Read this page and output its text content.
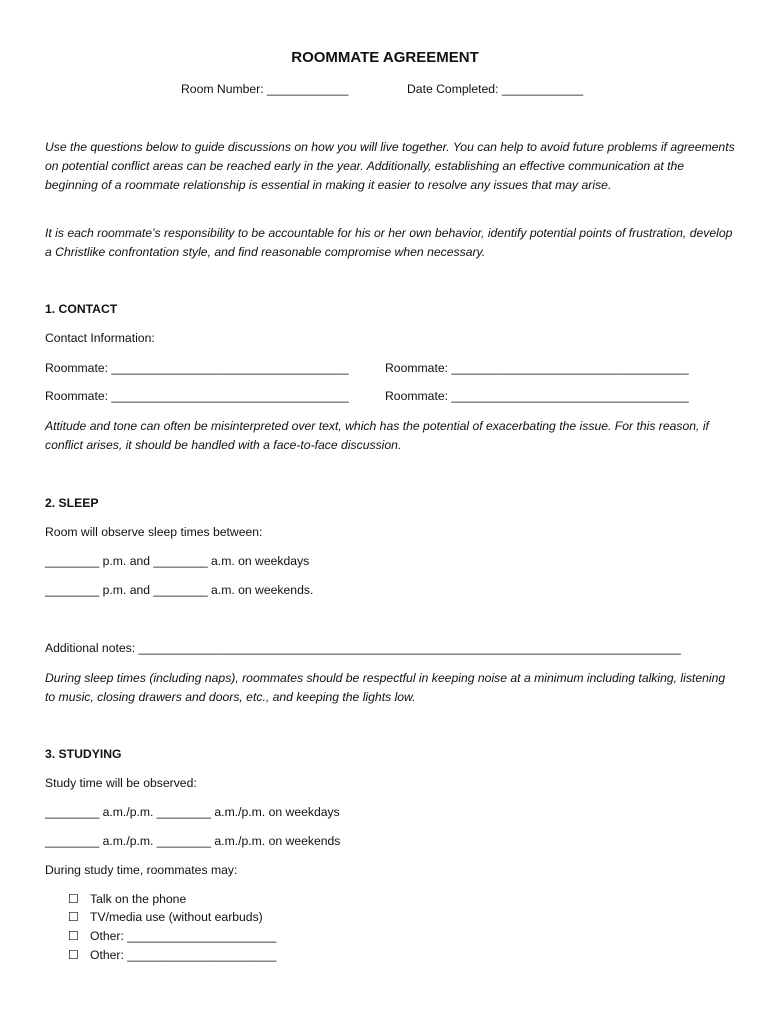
ROOMMATE AGREEMENT
Room Number: ____________	Date Completed: ____________
Use the questions below to guide discussions on how you will live together. You can help to avoid future problems if agreements on potential conflict areas can be reached early in the year. Additionally, establishing an effective communication at the beginning of a roommate relationship is essential in making it easier to resolve any issues that may arise.
It is each roommate’s responsibility to be accountable for his or her own behavior, identify potential points of frustration, develop a Christlike confrontation style, and find reasonable compromise when necessary.
1. CONTACT
Contact Information:
Roommate: ___________________________________	Roommate: ___________________________________
Roommate: ___________________________________	Roommate: ___________________________________
Attitude and tone can often be misinterpreted over text, which has the potential of exacerbating the issue. For this reason, if conflict arises, it should be handled with a face-to-face discussion.
2. SLEEP
Room will observe sleep times between:
________ p.m. and ________ a.m. on weekdays
________ p.m. and ________ a.m. on weekends.
Additional notes: ________________________________________________________________________________
During sleep times (including naps), roommates should be respectful in keeping noise at a minimum including talking, listening to music, closing drawers and doors, etc., and keeping the lights low.
3. STUDYING
Study time will be observed:
________ a.m./p.m. ________ a.m./p.m. on weekdays
________ a.m./p.m. ________ a.m./p.m. on weekends
During study time, roommates may:
☐ Talk on the phone
☐ TV/media use (without earbuds)
☐ Other: ______________________
☐ Other: ______________________
